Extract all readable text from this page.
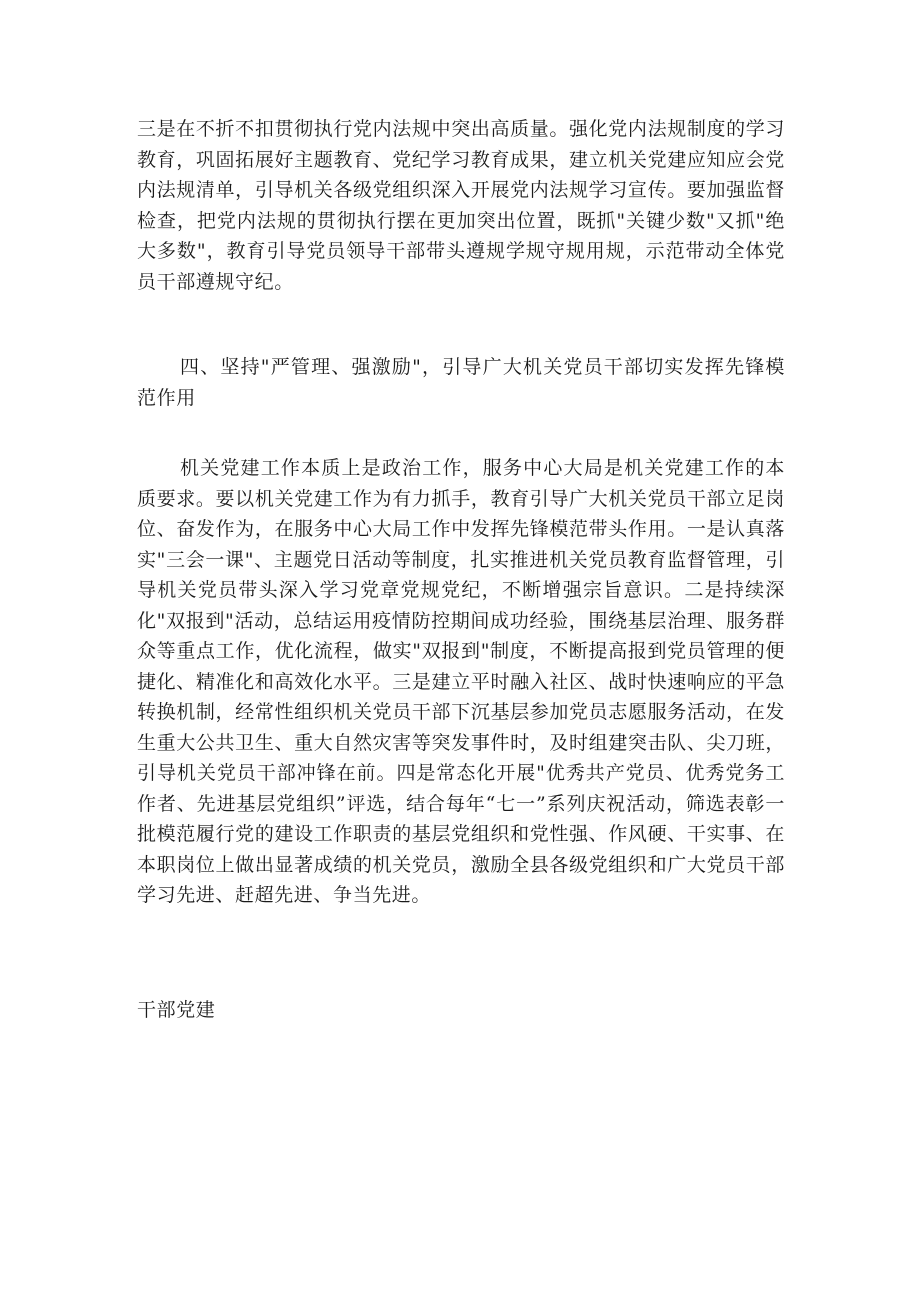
三是在不折不扣贯彻执行党内法规中突出高质量。强化党内法规制度的学习教育，巩固拓展好主题教育、党纪学习教育成果，建立机关党建应知应会党内法规清单，引导机关各级党组织深入开展党内法规学习宣传。要加强监督检查，把党内法规的贯彻执行摆在更加突出位置，既抓"关键少数"又抓"绝大多数"，教育引导党员领导干部带头遵规学规守规用规，示范带动全体党员干部遵规守纪。

四、坚持"严管理、强激励"，引导广大机关党员干部切实发挥先锋模范作用

机关党建工作本质上是政治工作，服务中心大局是机关党建工作的本质要求。要以机关党建工作为有力抓手，教育引导广大机关党员干部立足岗位、奋发作为，在服务中心大局工作中发挥先锋模范带头作用。一是认真落实"三会一课"、主题党日活动等制度，扎实推进机关党员教育监督管理，引导机关党员带头深入学习党章党规党纪，不断增强宗旨意识。二是持续深化"双报到"活动，总结运用疫情防控期间成功经验，围绕基层治理、服务群众等重点工作，优化流程，做实"双报到"制度，不断提高报到党员管理的便捷化、精准化和高效化水平。三是建立平时融入社区、战时快速响应的平急转换机制，经常性组织机关党员干部下沉基层参加党员志愿服务活动，在发生重大公共卫生、重大自然灾害等突发事件时，及时组建突击队、尖刀班，引导机关党员干部冲锋在前。四是常态化开展"优秀共产党员、优秀党务工作者、先进基层党组织”评选，结合每年“七一”系列庆祝活动，筛选表彰一批模范履行党的建设工作职责的基层党组织和党性强、作风硬、干实事、在本职岗位上做出显著成绩的机关党员，激励全县各级党组织和广大党员干部学习先进、赶超先进、争当先进。

干部党建
